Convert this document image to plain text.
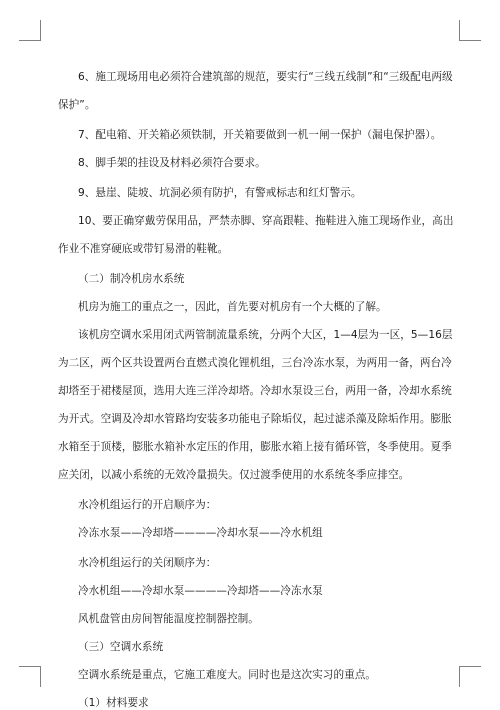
6、施工现场用电必须符合建筑部的规范，要实行“三线五线制”和“三级配电两级
保护”。
7、配电箱、开关箱必须铁制，开关箱要做到一机一闸一保护（漏电保护器）。
8、脚手架的挂设及材料必须符合要求。
9、悬崖、陡坡、坑洞必须有防护，有警戒标志和红灯警示。
10、要正确穿戴劳保用品，严禁赤脚、穿高跟鞋、拖鞋进入施工现场作业，高出
作业不准穿硬底或带钉易滑的鞋靴。
（二）制冷机房水系统
机房为施工的重点之一，因此，首先要对机房有一个大概的了解。
该机房空调水采用闭式两管制流量系统，分两个大区，1—4层为一区，5—16层
为二区，两个区共设置两台直燃式溴化锂机组，三台冷冻水泵，为两用一备，两台冷
却塔至于裙楼屋顶，选用大连三洋冷却塔。冷却水泵设三台，两用一备，冷却水系统
为开式。空调及冷却水管路均安装多功能电子除垢仪，起过滤杀藻及除垢作用。膨胀
水箱至于顶楼，膨胀水箱补水定压的作用，膨胀水箱上接有循环管，冬季使用。夏季
应关闭，以减小系统的无效冷量损失。仅过渡季使用的水系统冬季应排空。
水冷机组运行的开启顺序为：
冷冻水泵——冷却塔————冷却水泵——冷水机组
水冷机组运行的关闭顺序为：
冷水机组——冷却水泵————冷却塔——冷冻水泵
风机盘管由房间智能温度控制器控制。
（三）空调水系统
空调水系统是重点，它施工难度大。同时也是这次实习的重点。
（1）材料要求
